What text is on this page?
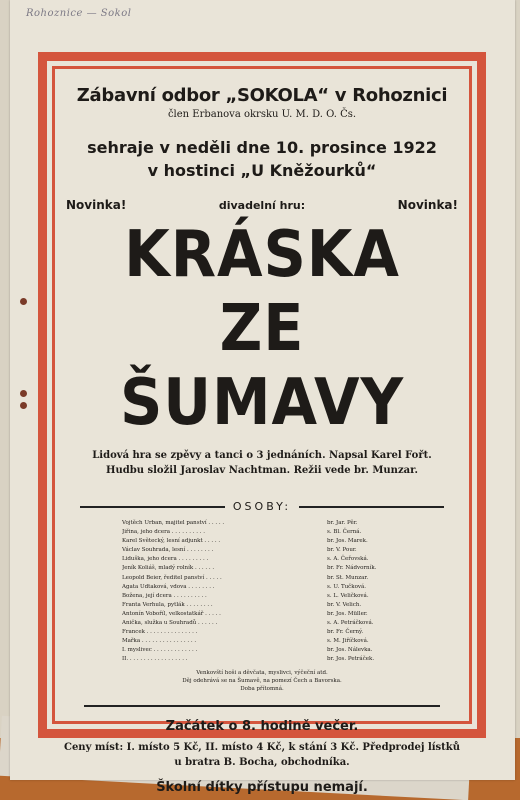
Rohoznice — Sokol
Zábavní odbor „SOKOLA“ v Rohoznici
člen Erbanova okrsku U. M. D. O. Čs.
sehraje v neděli dne 10. prosince 1922
v hostinci „U Kněžourků“
Novinka!	divadelní hru:	Novinka!
KRÁSKA
ZE ŠUMAVY
Lidová hra se zpěvy a tanci o 3 jednáních. Napsal Karel Fořt.
Hudbu složil Jaroslav Nachtman. Režii vede br. Munzar.
OSOBY:
Vojtěch Urban, majitel panství . . . . .	br. Jar. Pěr.
Jiřina, jeho dcera . . . . . . . . . .	s. Bl. Černá.
Karel Světecký, lesní adjunkt . . . . .	br. Jos. Marek.
Václav Souhrada, lesní . . . . . . . .	br. V. Pour.
Liduška, jeho dcera . . . . . . . . .	s. A. Čeřovská.
Jeník Koliáš, mladý rolník . . . . . .	br. Fr. Nádvorník.
Leopold Beier, ředitel panství . . . . .	br. St. Munzar.
Agata Udtaková, vdova . . . . . . . .	s. U. Tučková.
Božena, její dcera . . . . . . . . . .	s. L. Veličková.
Franta Verhula, pytlák . . . . . . . .	br. V. Velich.
Antonín Voboříl, velkostatkář . . . . .	br. Jos. Müller.
Anička, služka u Souhradů . . . . . .	s. A. Petráčková.
Francek . . . . . . . . . . . . . . .	br. Fr. Černý.
Mařka . . . . . . . . . . . . . . . .	s. M. Jiříčková.
I. myslivec . . . . . . . . . . . . .	br. Jos. Nálevka.
II. . . . . . . . . . . . . . . . . .	br. Jos. Petráček.
Venkovští hoši a děvčata, myslivci, výčeční atd.
Děj odehrává se na Šumavě, na pomezí Čech a Bavorska.
Doba přítomná.
Začátek o 8. hodině večer.
Ceny míst: I. místo 5 Kč, II. místo 4 Kč, k stání 3 Kč. Předprodej lístků
u bratra B. Bocha, obchodníka.
Školní dítky přístupu nemají.
